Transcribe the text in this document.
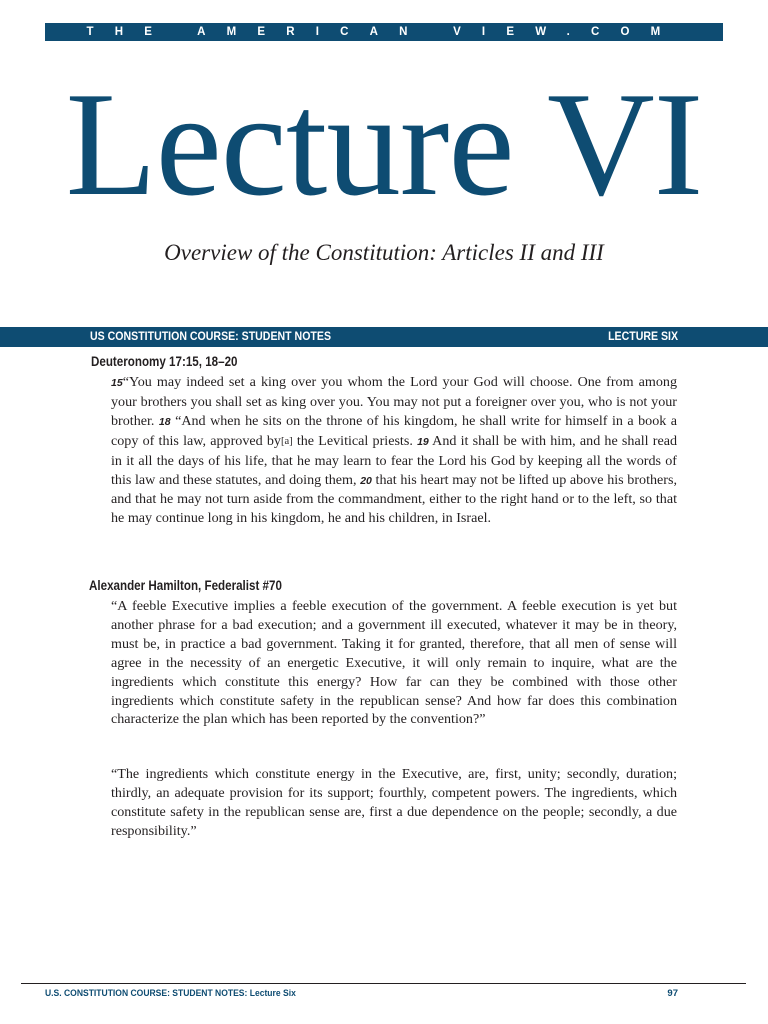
THE AMERICAN VIEW.COM
Lecture VI
Overview of the Constitution: Articles II and III
US CONSTITUTION COURSE: STUDENT NOTES	LECTURE SIX
Deuteronomy 17:15, 18–20
15“You may indeed set a king over you whom the Lord your God will choose. One from among your brothers you shall set as king over you. You may not put a foreigner over you, who is not your brother. 18 “And when he sits on the throne of his kingdom, he shall write for himself in a book a copy of this law, approved by[a] the Levitical priests. 19 And it shall be with him, and he shall read in it all the days of his life, that he may learn to fear the Lord his God by keeping all the words of this law and these statutes, and doing them, 20 that his heart may not be lifted up above his brothers, and that he may not turn aside from the commandment, either to the right hand or to the left, so that he may continue long in his kingdom, he and his children, in Israel.
Alexander Hamilton, Federalist #70
“A feeble Executive implies a feeble execution of the government. A feeble execution is yet but another phrase for a bad execution; and a government ill executed, whatever it may be in theory, must be, in practice a bad government. Taking it for granted, therefore, that all men of sense will agree in the necessity of an energetic Executive, it will only remain to inquire, what are the ingredients which constitute this energy? How far can they be combined with those other ingredients which constitute safety in the republican sense? And how far does this combination characterize the plan which has been reported by the convention?”
“The ingredients which constitute energy in the Executive, are, first, unity; secondly, duration; thirdly, an adequate provision for its support; fourthly, competent powers. The ingredients, which constitute safety in the republican sense are, first a due dependence on the people; secondly, a due responsibility.”
U.S. CONSTITUTION COURSE: STUDENT NOTES: Lecture Six	97
